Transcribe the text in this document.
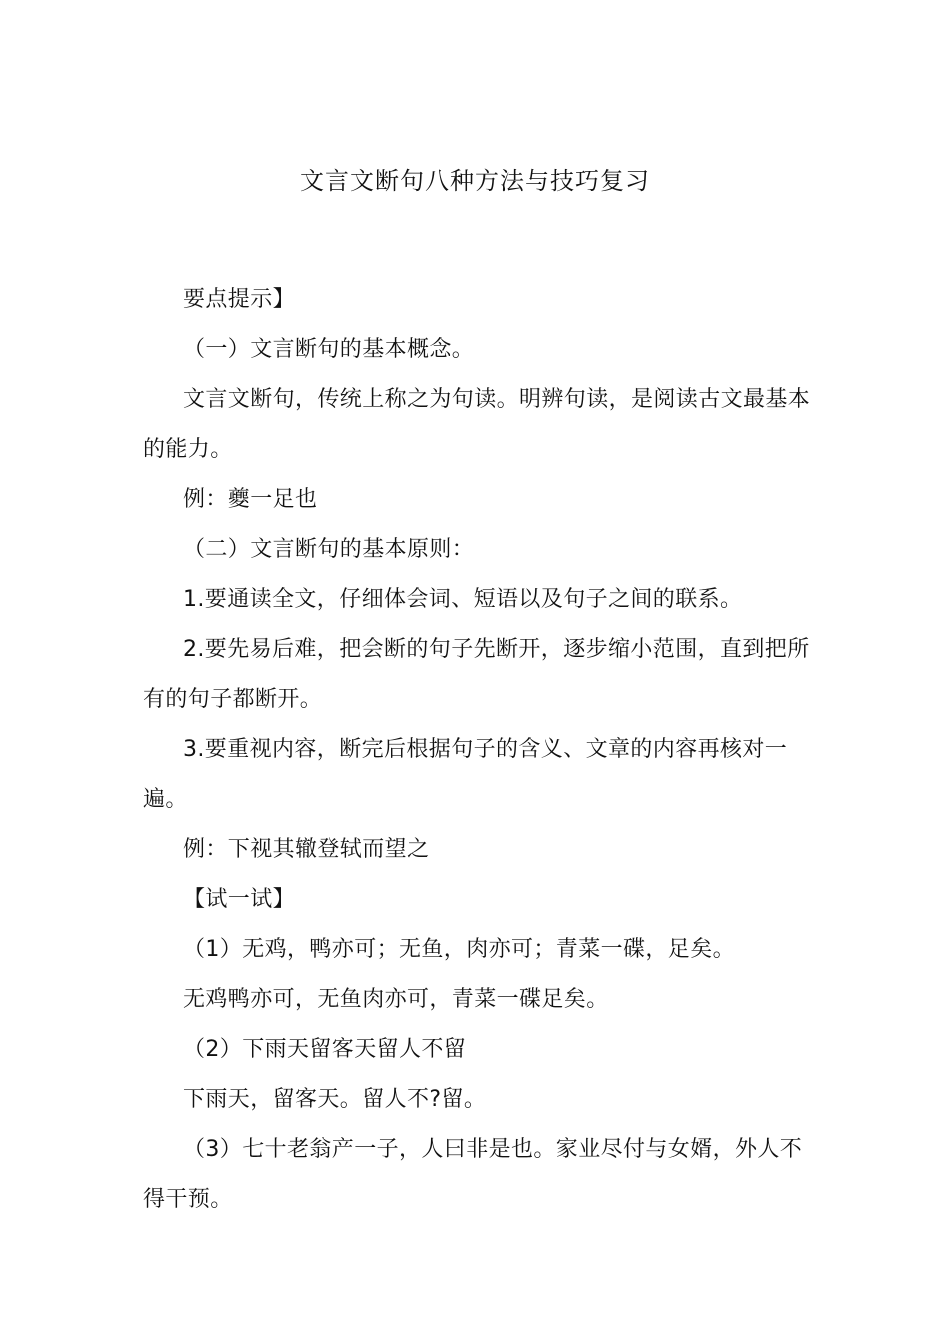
文言文断句八种方法与技巧复习

要点提示】

（一）文言断句的基本概念。

文言文断句，传统上称之为句读。明辨句读，是阅读古文最基本的能力。

例：夔一足也

（二）文言断句的基本原则：

1.要通读全文，仔细体会词、短语以及句子之间的联系。

2.要先易后难，把会断的句子先断开，逐步缩小范围，直到把所有的句子都断开。

3.要重视内容，断完后根据句子的含义、文章的内容再核对一遍。

例：下视其辙登轼而望之

【试一试】

（1）无鸡，鸭亦可；无鱼，肉亦可；青菜一碟，足矣。

无鸡鸭亦可，无鱼肉亦可，青菜一碟足矣。

（2）下雨天留客天留人不留

下雨天，留客天。留人不?留。

（3）七十老翁产一子，人曰非是也。家业尽付与女婿，外人不得干预。
